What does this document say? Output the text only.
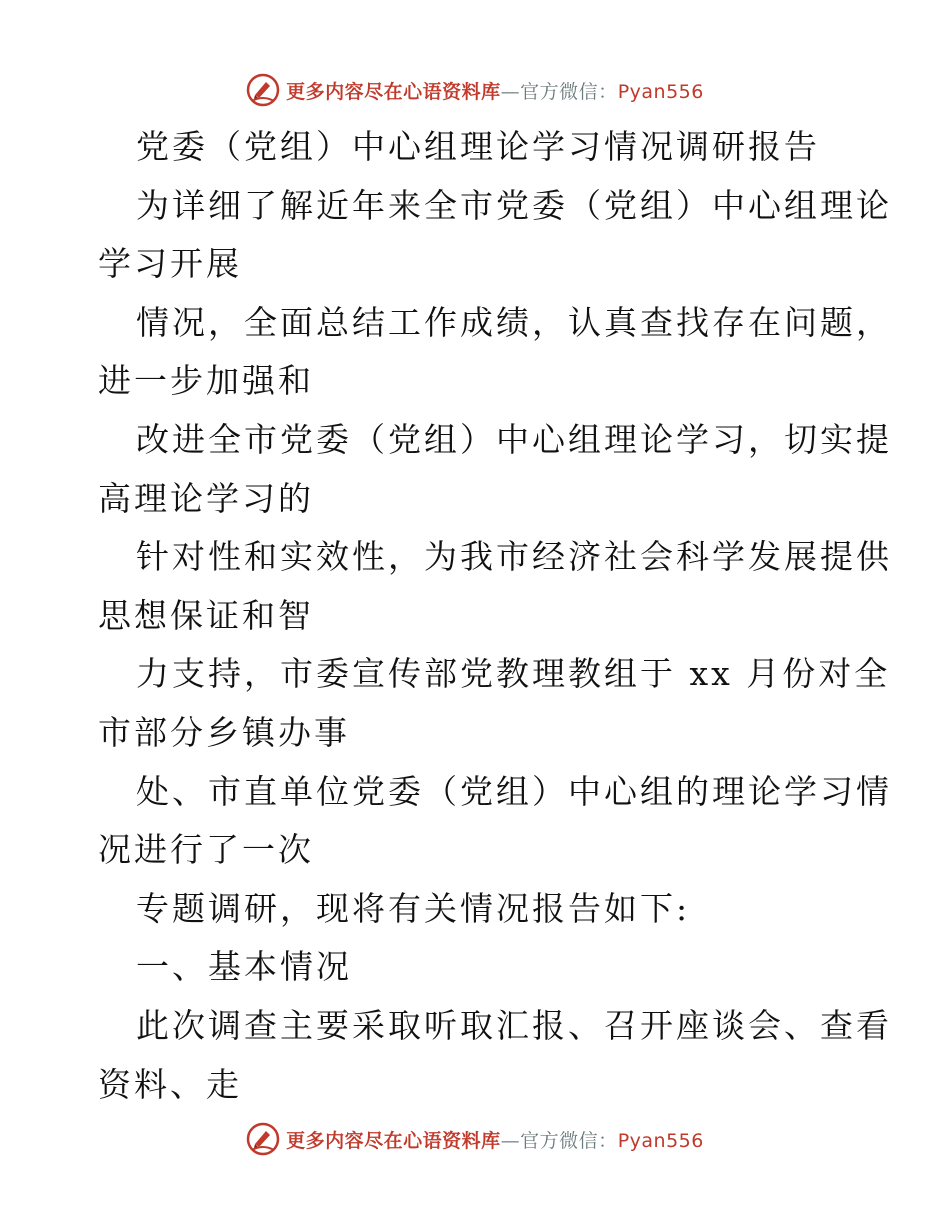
更多内容尽在心语资料库—官方微信：Pyan556
党委（党组）中心组理论学习情况调研报告
为详细了解近年来全市党委（党组）中心组理论
学习开展
情况，全面总结工作成绩，认真查找存在问题，
进一步加强和
改进全市党委（党组）中心组理论学习，切实提
高理论学习的
针对性和实效性，为我市经济社会科学发展提供
思想保证和智
力支持，市委宣传部党教理教组于 xx 月份对全
市部分乡镇办事
处、市直单位党委（党组）中心组的理论学习情
况进行了一次
专题调研，现将有关情况报告如下:
一、基本情况
此次调查主要采取听取汇报、召开座谈会、查看
资料、走
更多内容尽在心语资料库—官方微信：Pyan556
